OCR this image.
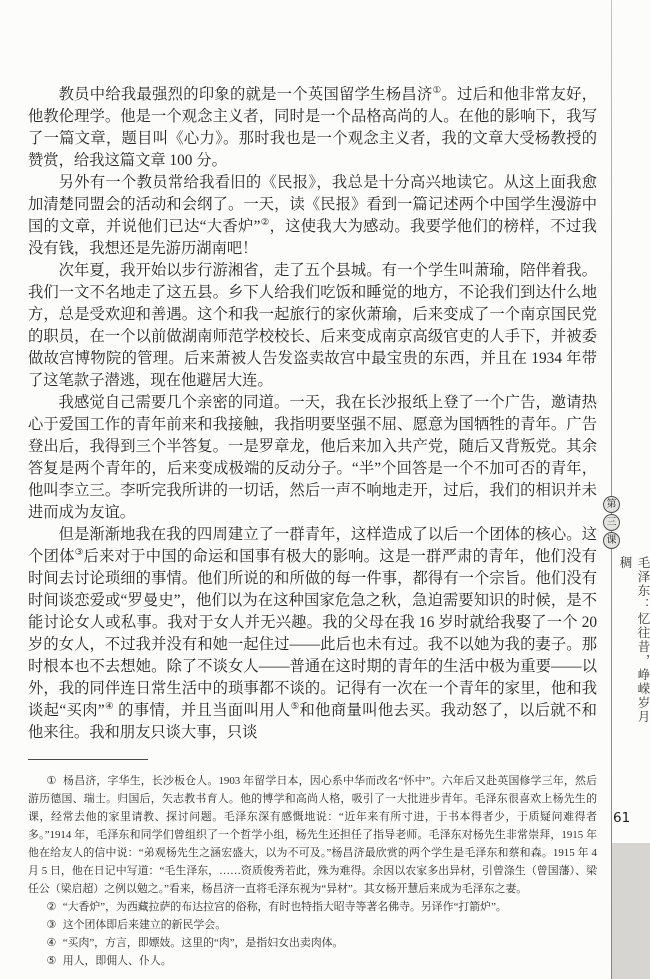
教员中给我最强烈的印象的就是一个英国留学生杨昌济①。过后和他非常友好，他教伦理学。他是一个观念主义者，同时是一个品格高尚的人。在他的影响下，我写了一篇文章，题目叫《心力》。那时我也是一个观念主义者，我的文章大受杨教授的赞赏，给我这篇文章 100 分。

另外有一个教员常给我看旧的《民报》，我总是十分高兴地读它。从这上面我愈加清楚同盟会的活动和会纲了。一天，读《民报》看到一篇记述两个中国学生漫游中国的文章，并说他们已达“大香炉”②，这使我大为感动。我要学他们的榜样，不过我没有钱，我想还是先游历湖南吧！

次年夏，我开始以步行游湘省，走了五个县城。有一个学生叫萧瑜，陪伴着我。我们一文不名地走了这五县。乡下人给我们吃饭和睡觉的地方，不论我们到达什么地方，总是受欢迎和善遇。这个和我一起旅行的家伙萧瑜，后来变成了一个南京国民党的职员，在一个以前做湖南师范学校校长、后来变成南京高级官吏的人手下，并被委做故宫博物院的管理。后来萧被人告发盗卖故宫中最宝贵的东西，并且在 1934 年带了这笔款子潜逃，现在他避居大连。

我感觉自己需要几个亲密的同道。一天，我在长沙报纸上登了一个广告，邀请热心于爱国工作的青年前来和我接触，我指明要坚强不屈、愿意为国牺牲的青年。广告登出后，我得到三个半答复。一是罗章龙，他后来加入共产党，随后又背叛党。其余答复是两个青年的，后来变成极端的反动分子。“半”个回答是一个不加可否的青年，他叫李立三。李听完我所讲的一切话，然后一声不响地走开，过后，我们的相识并未进而成为友谊。

但是渐渐地我在我的四周建立了一群青年，这样造成了以后一个团体的核心。这个团体③后来对于中国的命运和国事有极大的影响。这是一群严肃的青年，他们没有时间去讨论琐细的事情。他们所说的和所做的每一件事，都得有一个宗旨。他们没有时间谈恋爱或“罗曼史”，他们以为在这种国家危急之秋，急迫需要知识的时候，是不能讨论女人或私事。我对于女人并无兴趣。我的父母在我 16 岁时就给我娶了一个 20 岁的女人，不过我并没有和她一起住过——此后也未有过。我不以她为我的妻子。那时根本也不去想她。除了不谈女人——普通在这时期的青年的生活中极为重要——以外，我的同伴连日常生活中的琐事都不谈的。记得有一次在一个青年的家里，他和我谈起“买肉”④ 的事情，并且当面叫用人⑤和他商量叫他去买。我动怒了，以后就不和他来往。我和朋友只谈大事，只谈

① 杨昌济，字华生，长沙板仓人。1903 年留学日本，因心系中华而改名“怀中”。六年后又赴英国修学三年，然后游历德国、瑞士。归国后，矢志教书育人。他的博学和高尚人格，吸引了一大批进步青年。毛泽东很喜欢上杨先生的课，经常去他的家里请教、探讨问题。毛泽东深有感慨地说：“近年来有所寸进，于书本得者少，于质疑问难得者多。”1914 年，毛泽东和同学们曾组织了一个哲学小组，杨先生还担任了指导老师。毛泽东对杨先生非常崇拜，1915 年他在给友人的信中说：“弟观杨先生之涵宏盛大，以为不可及。”杨昌济最欣赏的两个学生是毛泽东和蔡和森。1915 年 4 月 5 日，他在日记中写道：“毛生泽东，……资质俊秀若此，殊为难得。余因以农家多出异材，引曾涤生（曾国藩）、梁任公（梁启超）之例以勉之。”看来，杨昌济一直将毛泽东视为“异材”。其女杨开慧后来成为毛泽东之妻。

② “大香炉”，为西藏拉萨的布达拉宫的俗称，有时也特指大昭寺等著名佛寺。另译作“打箭炉”。

③ 这个团体即后来建立的新民学会。

④ “买肉”，方言，即嫖妓。这里的“肉”，是指妇女出卖肉体。

⑤ 用人，即佣人、仆人。

第
三
课
毛泽东：忆往昔，峥嵘岁月稠
61
